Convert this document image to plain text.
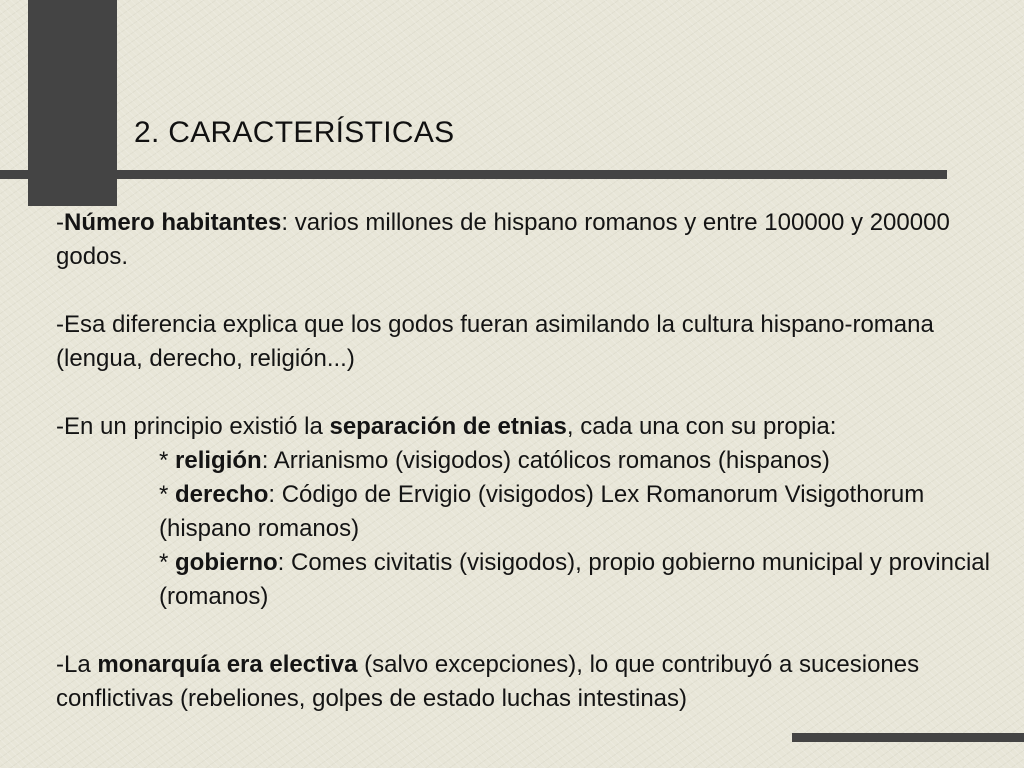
2. CARACTERÍSTICAS

-Número habitantes: varios millones de hispano romanos y entre 100000 y 200000 godos.

-Esa diferencia explica que los godos fueran asimilando la cultura hispano-romana (lengua, derecho, religión...)

-En un principio existió la separación de etnias, cada una con su propia:
* religión: Arrianismo (visigodos) católicos romanos (hispanos)
* derecho: Código de Ervigio (visigodos) Lex Romanorum Visigothorum (hispano romanos)
* gobierno: Comes civitatis (visigodos), propio gobierno municipal y provincial (romanos)

-La monarquía era electiva (salvo excepciones), lo que contribuyó a sucesiones conflictivas (rebeliones, golpes de estado luchas intestinas)
